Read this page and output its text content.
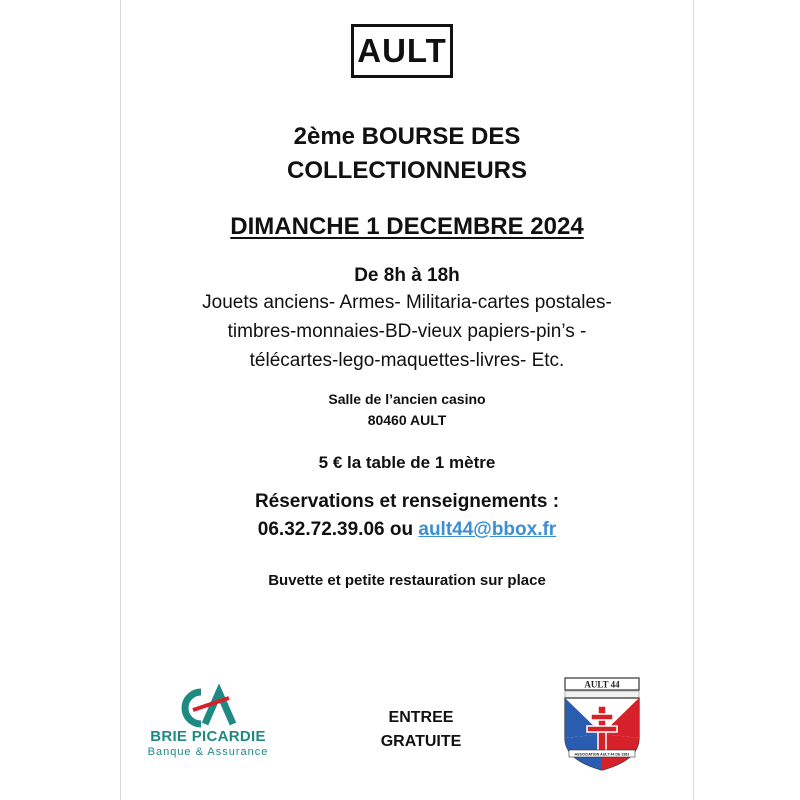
AULT
2ème BOURSE DES
COLLECTIONNEURS
DIMANCHE 1 DECEMBRE 2024
De 8h à 18h
Jouets anciens- Armes- Militaria-cartes postales-
timbres-monnaies-BD-vieux papiers-pin’s -
télécartes-lego-maquettes-livres- Etc.
Salle de l’ancien casino
80460 AULT
5 € la table de 1 mètre
Réservations et renseignements :
06.32.72.39.06 ou ault44@bbox.fr
Buvette et petite restauration sur place
BRIE PICARDIE
Banque & Assurance
ENTREE
GRATUITE
AULT 44
ASSOCIATION AULT 44 DE 1981
